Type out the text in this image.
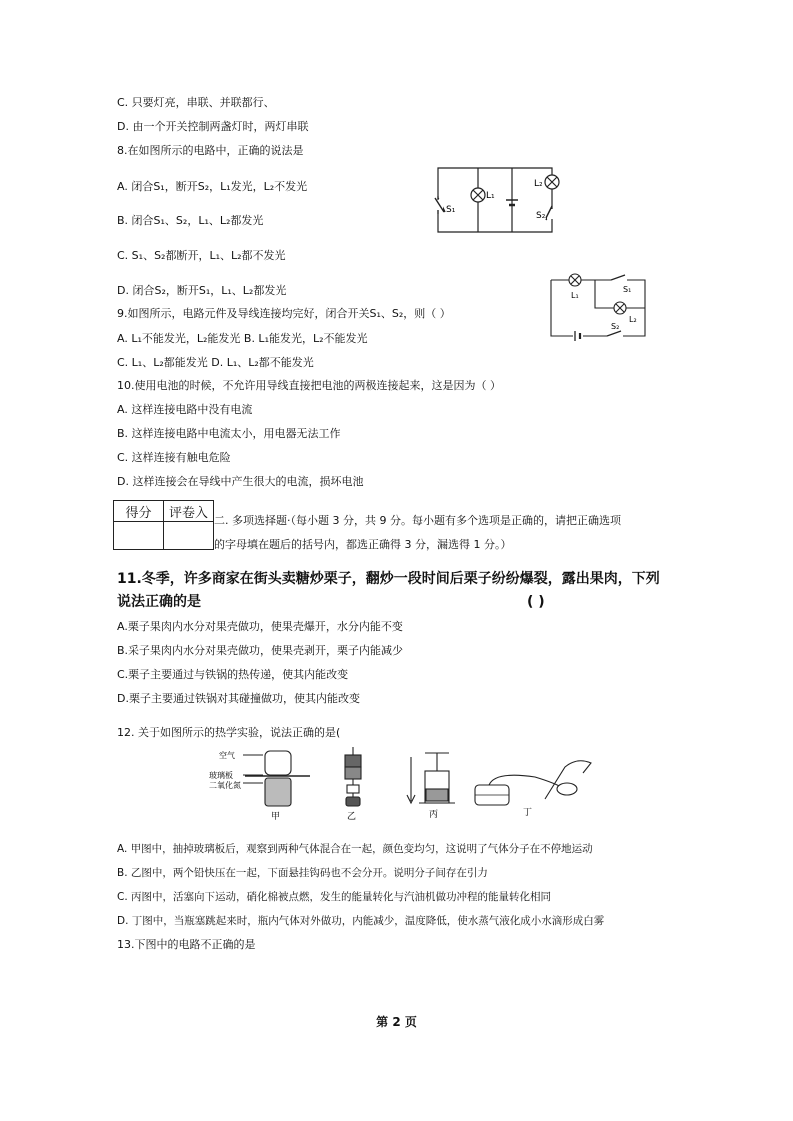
C. 只要灯亮，串联、并联都行、
D. 由一个开关控制两盏灯时，两灯串联
8.在如图所示的电路中，正确的说法是
A. 闭合S₁，断开S₂，L₁发光，L₂不发光
B. 闭合S₁、S₂，L₁、L₂都发光
C. S₁、S₂都断开，L₁、L₂都不发光
D. 闭合S₂，断开S₁，L₁、L₂都发光
S₁
L₁
L₂
S₂
9.如图所示，电路元件及导线连接均完好，闭合开关S₁、S₂，则（ ）
A. L₁不能发光，L₂能发光 B. L₁能发光，L₂不能发光
C. L₁、L₂都能发光 D. L₁、L₂都不能发光
L₁
L₂
S₁
S₂
10.使用电池的时候，不允许用导线直接把电池的两极连接起来，这是因为（ ）
A. 这样连接电路中没有电流
B. 这样连接电路中电流太小，用电器无法工作
C. 这样连接有触电危险
D. 这样连接会在导线中产生很大的电流，损坏电池
得分	评卷入
	二. 多项选择题·（每小题 3 分，共 9 分。每小题有多个选项是正确的，请把正确选项
的字母填在题后的括号内，都选正确得 3 分，漏选得 1 分。）
11.冬季，许多商家在街头卖糖炒栗子，翻炒一段时间后栗子纷纷爆裂，露出果肉，下列
说法正确的是	( )
A.栗子果肉内水分对果壳做功，使果壳爆开，水分内能不变
B.采子果肉内水分对果壳做功，使果壳剥开，栗子内能减少
C.栗子主要通过与铁锅的热传递，使其内能改变
D.栗子主要通过铁锅对其碰撞做功，使其内能改变
12. 关于如图所示的热学实验，说法正确的是(
空气
玻璃板
二氧化氮
甲	乙	丙	丁
A. 甲图中，抽掉玻璃板后，观察到两种气体混合在一起，颜色变均匀，这说明了气体分子在不停地运动
B. 乙图中，两个铅快压在一起，下面悬挂钩码也不会分开。说明分子间存在引力
C. 丙图中，活塞向下运动，硝化棉被点燃，发生的能量转化与汽油机做功冲程的能量转化相同
D. 丁图中，当瓶塞跳起来时，瓶内气体对外做功，内能减少，温度降低，使水蒸气液化成小水滴形成白雾
13.下图中的电路不正确的是
第 2 页
